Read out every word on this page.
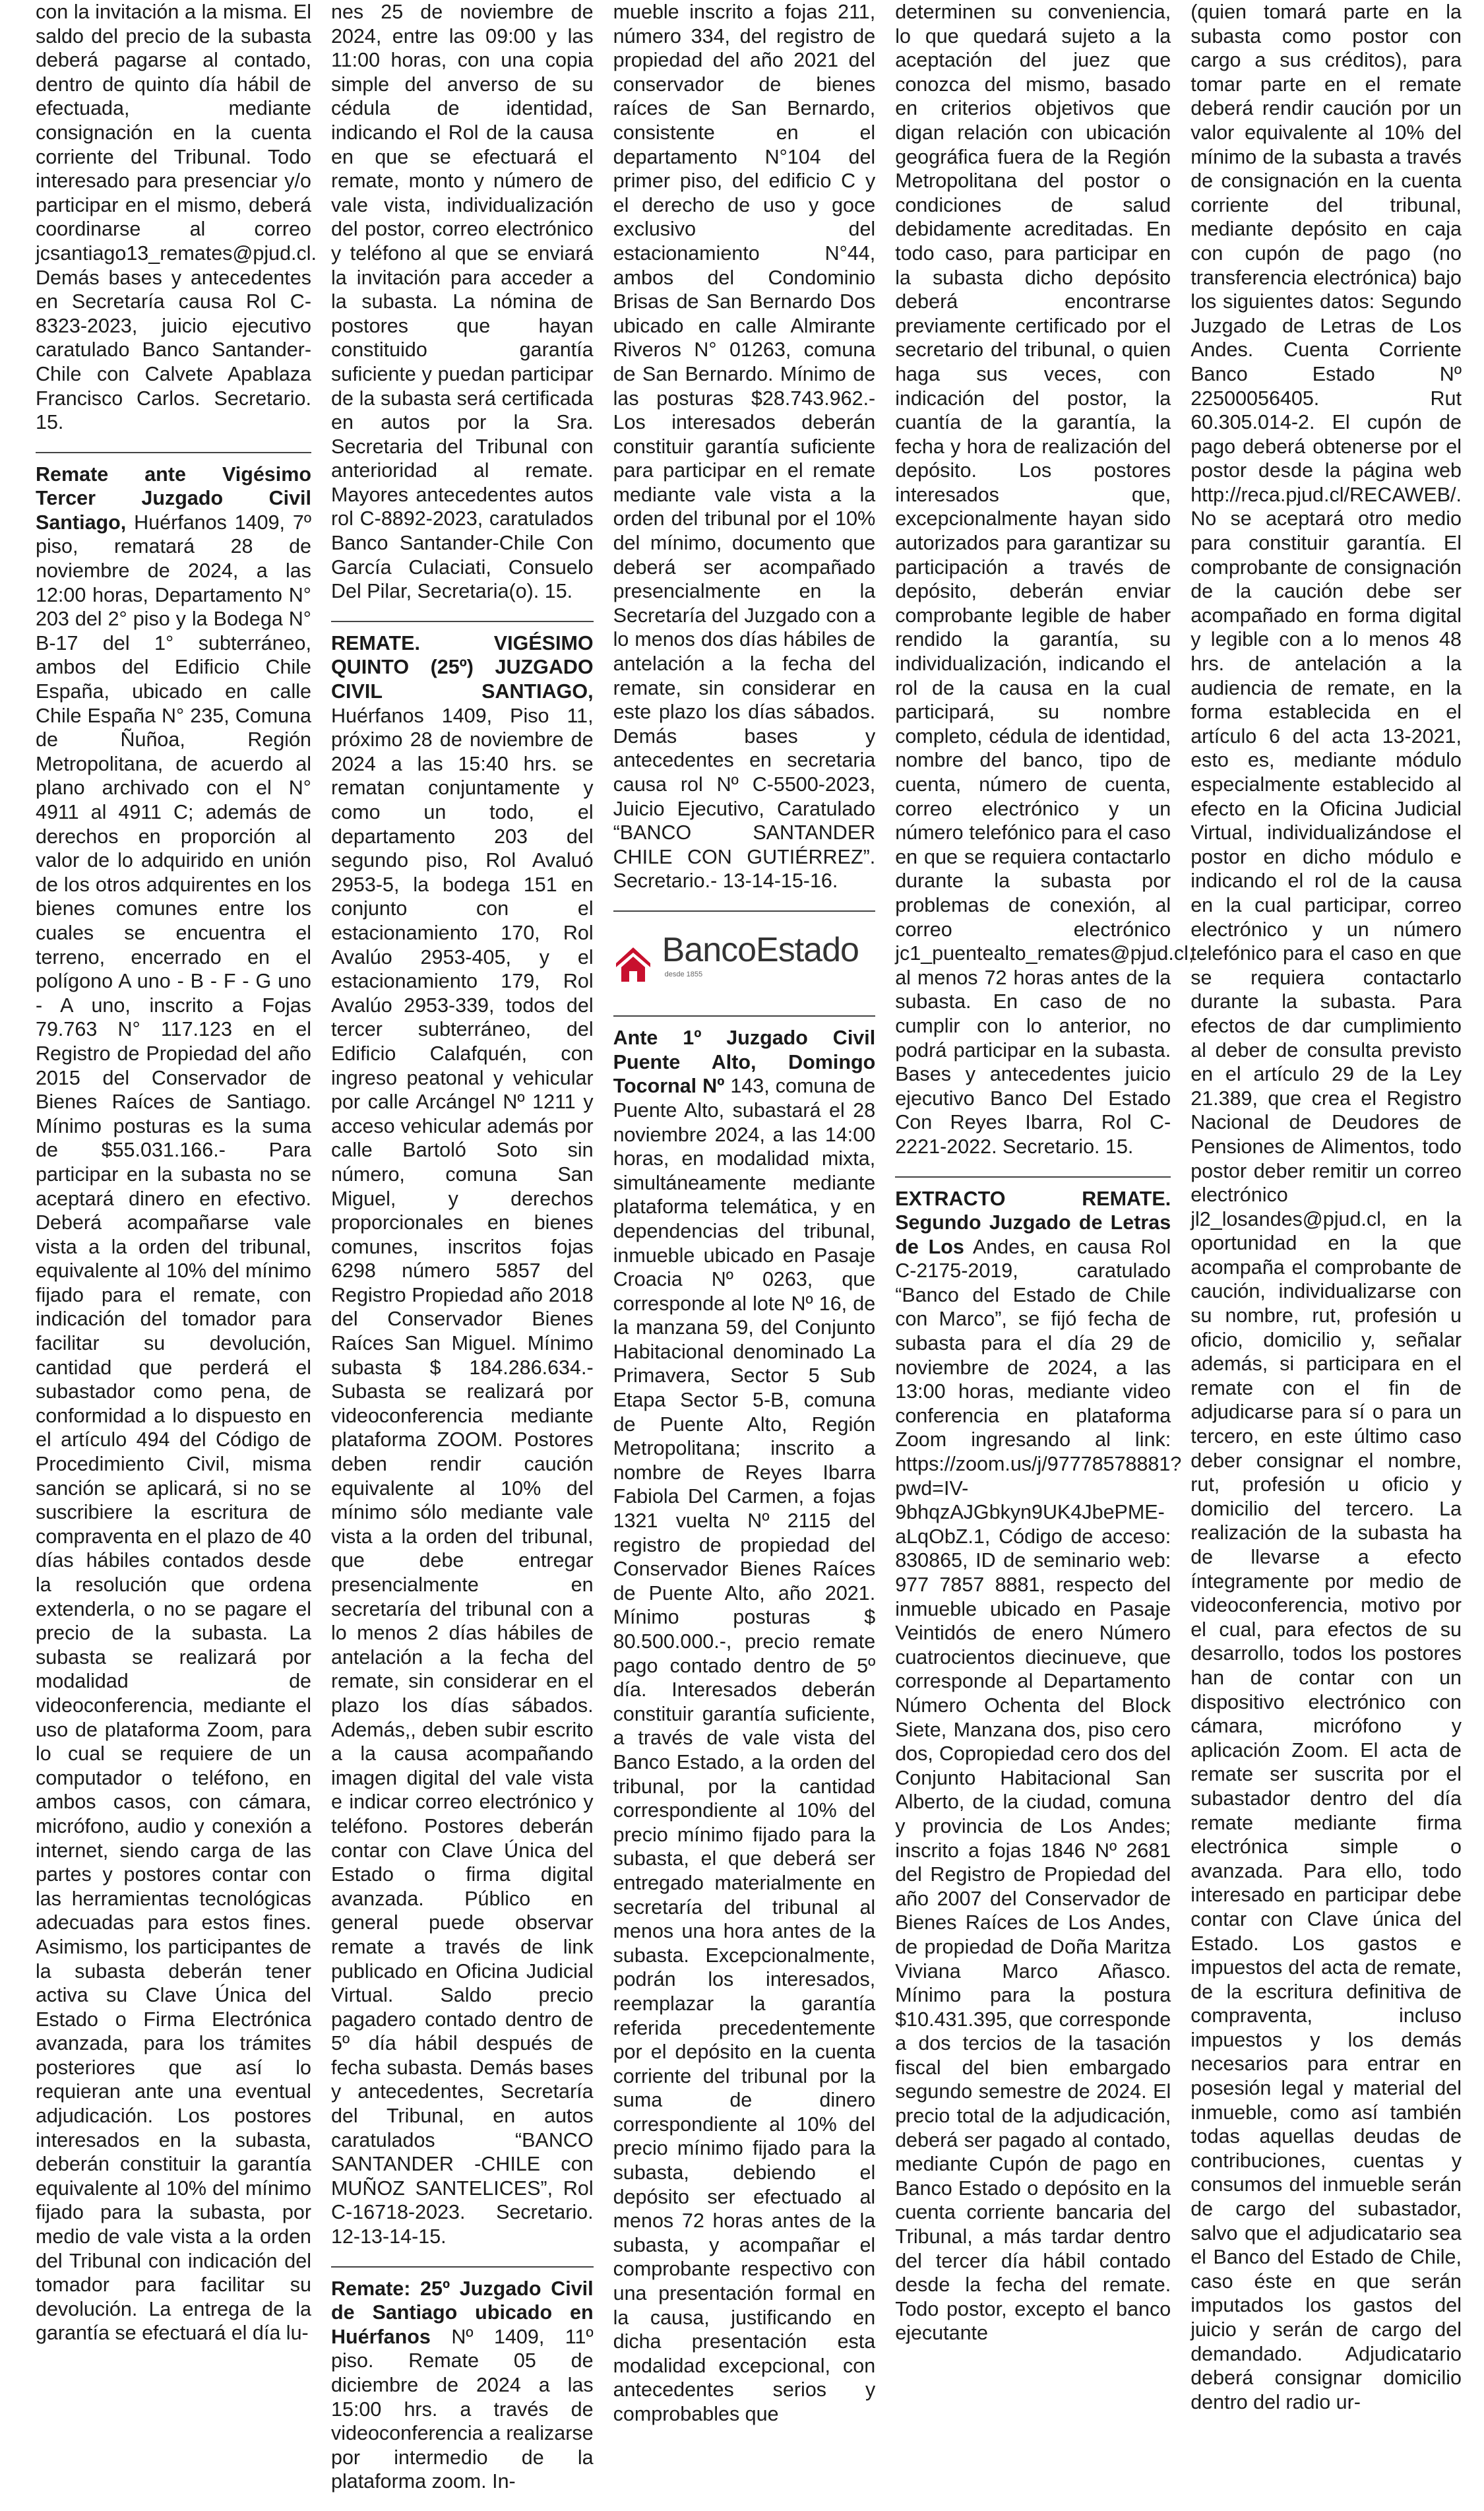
con la invitación a la misma. El saldo del precio de la subasta deberá pagarse al contado, dentro de quinto día hábil de efectuada, mediante consignación en la cuenta corriente del Tribunal. Todo interesado para presenciar y/o participar en el mismo, deberá coordinarse al correo jcsantiago13_remates@pjud.cl. Demás bases y antecedentes en Secretaría causa Rol C-8323-2023, juicio ejecutivo caratulado Banco Santander- Chile con Calvete Apablaza Francisco Carlos. Secretario. 15.

Remate ante Vigésimo Tercer Juzgado Civil Santiago, Huérfanos 1409, 7º piso, rematará 28 de noviembre de 2024, a las 12:00 horas, Departamento N° 203 del 2° piso y la Bodega N° B-17 del 1° subterráneo, ambos del Edificio Chile España, ubicado en calle Chile España N° 235, Comuna de Ñuñoa, Región Metropolitana, de acuerdo al plano archivado con el N° 4911 al 4911 C; además de derechos en proporción al valor de lo adquirido en unión de los otros adquirentes en los bienes comunes entre los cuales se encuentra el terreno, encerrado en el polígono A uno - B - F - G uno - A uno, inscrito a Fojas 79.763 N° 117.123 en el Registro de Propiedad del año 2015 del Conservador de Bienes Raíces de Santiago. Mínimo posturas es la suma de $55.031.166.- Para participar en la subasta no se aceptará dinero en efectivo. Deberá acompañarse vale vista a la orden del tribunal, equivalente al 10% del mínimo fijado para el remate, con indicación del tomador para facilitar su devolución, cantidad que perderá el subastador como pena, de conformidad a lo dispuesto en el artículo 494 del Código de Procedimiento Civil, misma sanción se aplicará, si no se suscribiere la escritura de compraventa en el plazo de 40 días hábiles contados desde la resolución que ordena extenderla, o no se pagare el precio de la subasta. La subasta se realizará por modalidad de videoconferencia, mediante el uso de plataforma Zoom, para lo cual se requiere de un computador o teléfono, en ambos casos, con cámara, micrófono, audio y conexión a internet, siendo carga de las partes y postores contar con las herramientas tecnológicas adecuadas para estos fines. Asimismo, los participantes de la subasta deberán tener activa su Clave Única del Estado o Firma Electrónica avanzada, para los trámites posteriores que así lo requieran ante una eventual adjudicación. Los postores interesados en la subasta, deberán constituir la garantía equivalente al 10% del mínimo fijado para la subasta, por medio de vale vista a la orden del Tribunal con indicación del tomador para facilitar su devolución. La entrega de la garantía se efectuará el día lu-

nes 25 de noviembre de 2024, entre las 09:00 y las 11:00 horas, con una copia simple del anverso de su cédula de identidad, indicando el Rol de la causa en que se efectuará el remate, monto y número de vale vista, individualización del postor, correo electrónico y teléfono al que se enviará la invitación para acceder a la subasta. La nómina de postores que hayan constituido garantía suficiente y puedan participar de la subasta será certificada en autos por la Sra. Secretaria del Tribunal con anterioridad al remate. Mayores antecedentes autos rol C-8892-2023, caratulados Banco Santander-Chile Con García Culaciati, Consuelo Del Pilar, Secretaria(o). 15.

REMATE. VIGÉSIMO QUINTO (25º) JUZGADO CIVIL SANTIAGO, Huérfanos 1409, Piso 11, próximo 28 de noviembre de 2024 a las 15:40 hrs. se rematan conjuntamente y como un todo, el departamento 203 del segundo piso, Rol Avaluó 2953-5, la bodega 151 en conjunto con el estacionamiento 170, Rol Avalúo 2953-405, y el estacionamiento 179, Rol Avalúo 2953-339, todos del tercer subterráneo, del Edificio Calafquén, con ingreso peatonal y vehicular por calle Arcángel Nº 1211 y acceso vehicular además por calle Bartoló Soto sin número, comuna San Miguel, y derechos proporcionales en bienes comunes, inscritos fojas 6298 número 5857 del Registro Propiedad año 2018 del Conservador Bienes Raíces San Miguel. Mínimo subasta $ 184.286.634.- Subasta se realizará por videoconferencia mediante plataforma ZOOM. Postores deben rendir caución equivalente al 10% del mínimo sólo mediante vale vista a la orden del tribunal, que debe entregar presencialmente en secretaría del tribunal con a lo menos 2 días hábiles de antelación a la fecha del remate, sin considerar en el plazo los días sábados. Además,, deben subir escrito a la causa acompañando imagen digital del vale vista e indicar correo electrónico y teléfono. Postores deberán contar con Clave Única del Estado o firma digital avanzada. Público en general puede observar remate a través de link publicado en Oficina Judicial Virtual. Saldo precio pagadero contado dentro de 5º día hábil después de fecha subasta. Demás bases y antecedentes, Secretaría del Tribunal, en autos caratulados “BANCO SANTANDER -CHILE con MUÑOZ SANTELICES”, Rol C-16718-2023. Secretario. 12-13-14-15.

Remate: 25º Juzgado Civil de Santiago ubicado en Huérfanos Nº 1409, 11º piso. Remate 05 de diciembre de 2024 a las 15:00 hrs. a través de videoconferencia a realizarse por intermedio de la plataforma zoom. In-

mueble inscrito a fojas 211, número 334, del registro de propiedad del año 2021 del conservador de bienes raíces de San Bernardo, consistente en el departamento N°104 del primer piso, del edificio C y el derecho de uso y goce exclusivo del estacionamiento N°44, ambos del Condominio Brisas de San Bernardo Dos ubicado en calle Almirante Riveros N° 01263, comuna de San Bernardo. Mínimo de las posturas $28.743.962.- Los interesados deberán constituir garantía suficiente para participar en el remate mediante vale vista a la orden del tribunal por el 10% del mínimo, documento que deberá ser acompañado presencialmente en la Secretaría del Juzgado con a lo menos dos días hábiles de antelación a la fecha del remate, sin considerar en este plazo los días sábados. Demás bases y antecedentes en secretaria causa rol Nº C-5500-2023, Juicio Ejecutivo, Caratulado “BANCO SANTANDER CHILE CON GUTIÉRREZ”. Secretario.- 13-14-15-16.

BancoEstado
desde 1855

Ante 1º Juzgado Civil Puente Alto, Domingo Tocornal Nº 143, comuna de Puente Alto, subastará el 28 noviembre 2024, a las 14:00 horas, en modalidad mixta, simultáneamente mediante plataforma telemática, y en dependencias del tribunal, inmueble ubicado en Pasaje Croacia Nº 0263, que corresponde al lote Nº 16, de la manzana 59, del Conjunto Habitacional denominado La Primavera, Sector 5 Sub Etapa Sector 5-B, comuna de Puente Alto, Región Metropolitana; inscrito a nombre de Reyes Ibarra Fabiola Del Carmen, a fojas 1321 vuelta Nº 2115 del registro de propiedad del Conservador Bienes Raíces de Puente Alto, año 2021. Mínimo posturas $ 80.500.000.-, precio remate pago contado dentro de 5º día. Interesados deberán constituir garantía suficiente, a través de vale vista del Banco Estado, a la orden del tribunal, por la cantidad correspondiente al 10% del precio mínimo fijado para la subasta, el que deberá ser entregado materialmente en secretaría del tribunal al menos una hora antes de la subasta. Excepcionalmente, podrán los interesados, reemplazar la garantía referida precedentemente por el depósito en la cuenta corriente del tribunal por la suma de dinero correspondiente al 10% del precio mínimo fijado para la subasta, debiendo el depósito ser efectuado al menos 72 horas antes de la subasta, y acompañar el comprobante respectivo con una presentación formal en la causa, justificando en dicha presentación esta modalidad excepcional, con antecedentes serios y comprobables que

determinen su conveniencia, lo que quedará sujeto a la aceptación del juez que conozca del mismo, basado en criterios objetivos que digan relación con ubicación geográfica fuera de la Región Metropolitana del postor o condiciones de salud debidamente acreditadas. En todo caso, para participar en la subasta dicho depósito deberá encontrarse previamente certificado por el secretario del tribunal, o quien haga sus veces, con indicación del postor, la cuantía de la garantía, la fecha y hora de realización del depósito. Los postores interesados que, excepcionalmente hayan sido autorizados para garantizar su participación a través de depósito, deberán enviar comprobante legible de haber rendido la garantía, su individualización, indicando el rol de la causa en la cual participará, su nombre completo, cédula de identidad, nombre del banco, tipo de cuenta, número de cuenta, correo electrónico y un número telefónico para el caso en que se requiera contactarlo durante la subasta por problemas de conexión, al correo electrónico jc1_puentealto_remates@pjud.cl, al menos 72 horas antes de la subasta. En caso de no cumplir con lo anterior, no podrá participar en la subasta. Bases y antecedentes juicio ejecutivo Banco Del Estado Con Reyes Ibarra, Rol C-2221-2022. Secretario. 15.

EXTRACTO REMATE. Segundo Juzgado de Letras de Los Andes, en causa Rol C-2175-2019, caratulado “Banco del Estado de Chile con Marco”, se fijó fecha de subasta para el día 29 de noviembre de 2024, a las 13:00 horas, mediante video conferencia en plataforma Zoom ingresando al link: https://zoom.us/j/97778578881?pwd=IV-9bhqzAJGbkyn9UK4JbePME-aLqObZ.1, Código de acceso: 830865, ID de seminario web: 977 7857 8881, respecto del inmueble ubicado en Pasaje Veintidós de enero Número cuatrocientos diecinueve, que corresponde al Departamento Número Ochenta del Block Siete, Manzana dos, piso cero dos, Copropiedad cero dos del Conjunto Habitacional San Alberto, de la ciudad, comuna y provincia de Los Andes; inscrito a fojas 1846 Nº 2681 del Registro de Propiedad del año 2007 del Conservador de Bienes Raíces de Los Andes, de propiedad de Doña Maritza Viviana Marco Añasco. Mínimo para la postura $10.431.395, que corresponde a dos tercios de la tasación fiscal del bien embargado segundo semestre de 2024. El precio total de la adjudicación, deberá ser pagado al contado, mediante Cupón de pago en Banco Estado o depósito en la cuenta corriente bancaria del Tribunal, a más tardar dentro del tercer día hábil contado desde la fecha del remate. Todo postor, excepto el banco ejecutante

(quien tomará parte en la subasta como postor con cargo a sus créditos), para tomar parte en el remate deberá rendir caución por un valor equivalente al 10% del mínimo de la subasta a través de consignación en la cuenta corriente del tribunal, mediante depósito en caja con cupón de pago (no transferencia electrónica) bajo los siguientes datos: Segundo Juzgado de Letras de Los Andes. Cuenta Corriente Banco Estado Nº 22500056405. Rut 60.305.014-2. El cupón de pago deberá obtenerse por el postor desde la página web http://reca.pjud.cl/RECAWEB/. No se aceptará otro medio para constituir garantía. El comprobante de consignación de la caución debe ser acompañado en forma digital y legible con a lo menos 48 hrs. de antelación a la audiencia de remate, en la forma establecida en el artículo 6 del acta 13-2021, esto es, mediante módulo especialmente establecido al efecto en la Oficina Judicial Virtual, individualizándose el postor en dicho módulo e indicando el rol de la causa en la cual participar, correo electrónico y un número telefónico para el caso en que se requiera contactarlo durante la subasta. Para efectos de dar cumplimiento al deber de consulta previsto en el artículo 29 de la Ley 21.389, que crea el Registro Nacional de Deudores de Pensiones de Alimentos, todo postor deber remitir un correo electrónico jl2_losandes@pjud.cl, en la oportunidad en la que acompaña el comprobante de caución, individualizarse con su nombre, rut, profesión u oficio, domicilio y, señalar además, si participara en el remate con el fin de adjudicarse para sí o para un tercero, en este último caso deber consignar el nombre, rut, profesión u oficio y domicilio del tercero. La realización de la subasta ha de llevarse a efecto íntegramente por medio de videoconferencia, motivo por el cual, para efectos de su desarrollo, todos los postores han de contar con un dispositivo electrónico con cámara, micrófono y aplicación Zoom. El acta de remate ser suscrita por el subastador dentro del día remate mediante firma electrónica simple o avanzada. Para ello, todo interesado en participar debe contar con Clave única del Estado. Los gastos e impuestos del acta de remate, de la escritura definitiva de compraventa, incluso impuestos y los demás necesarios para entrar en posesión legal y material del inmueble, como así también todas aquellas deudas de contribuciones, cuentas y consumos del inmueble serán de cargo del subastador, salvo que el adjudicatario sea el Banco del Estado de Chile, caso éste en que serán imputados los gastos del juicio y serán de cargo del demandado. Adjudicatario deberá consignar domicilio dentro del radio ur-
